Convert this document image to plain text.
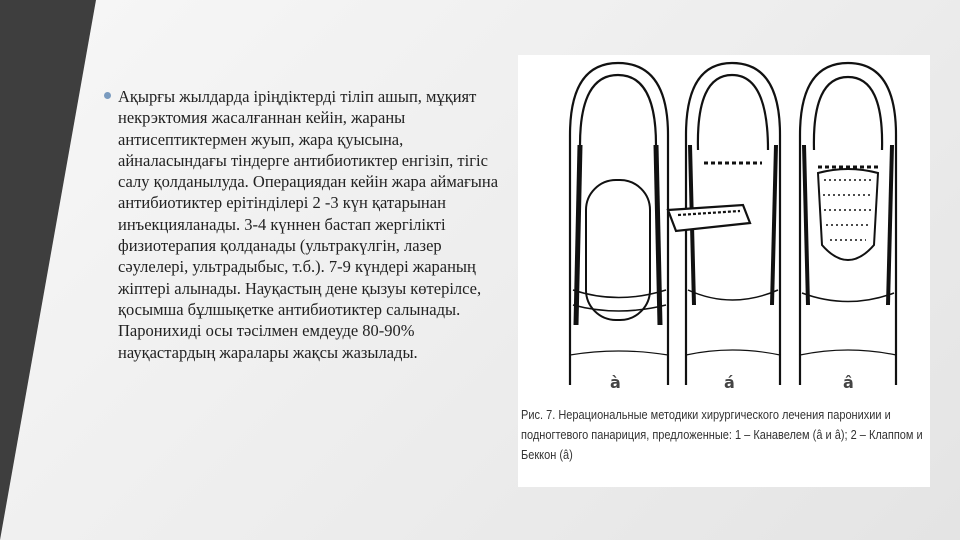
Ақырғы жылдарда іріңдіктерді тіліп ашып, мұқият некрэктомия жасалғаннан кейін, жараны антисептиктермен жуып, жара қуысына, айналасындағы тіндерге антибиотиктер енгізіп, тігіс салу қолданылуда. Операциядан кейін жара аймағына антибиотиктер ерітінділері 2 -3 күн қатарынан инъекцияланады. 3-4 күннен бастап жергілікті физиотерапия қолданады (ультракүлгін, лазер сәулелері, ультрадыбыс, т.б.). 7-9 күндері жараның жіптері алынады. Науқастың дене қызуы көтерілсе, қосымша бұлшықетке антибиотиктер салынады. Паронихиді осы тәсілмен емдеуде 80-90% науқастардың жаралары жақсы жазылады.
à	á	â
Рис. 7. Нерациональные методики хирургического лечения паронихии и подногтевого панариция, предложенные: 1 – Канавелем (â и â); 2 – Клаппом и Беккон (â)
